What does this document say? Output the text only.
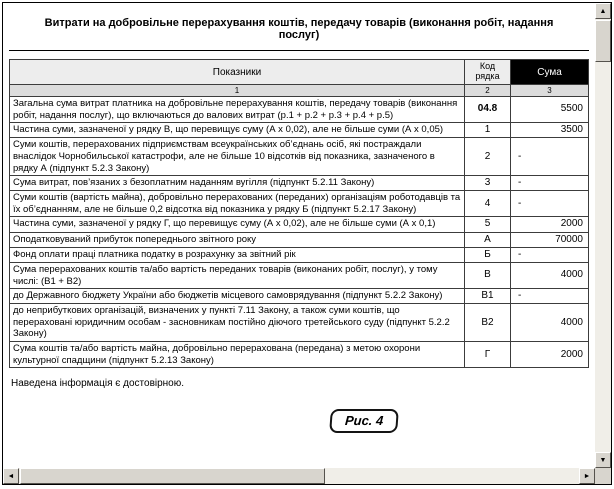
Витрати на добровільне перерахування коштів, передачу товарів (виконання робіт, надання послуг)
Показники	Код рядка	Сума
1	2	3
Загальна сума витрат платника на добровільне перерахування коштів, передачу товарів (виконання робіт, надання послуг), що включаються до валових витрат (р.1 + р.2 + р.3 + р.4 + р.5)	04.8	5500
Частина суми, зазначеної у рядку В, що перевищує суму (А х 0,02), але не більше суми (А х 0,05)	1	3500
Суми коштів, перерахованих підприємствам всеукраїнських об’єднань осіб, які постраждали внаслідок Чорнобильської катастрофи, але не більше 10 відсотків від показника, зазначеного в рядку А (підпункт 5.2.3 Закону)	2	-
Сума витрат, пов’язаних з безоплатним наданням вугілля (підпункт 5.2.11 Закону)	3	-
Суми коштів (вартість майна), добровільно перерахованих (переданих) організаціям роботодавців та їх об’єднанням, але не більше 0,2 відсотка від показника у рядку Б (підпункт 5.2.17 Закону)	4	-
Частина суми, зазначеної у рядку Г, що перевищує суму (А х 0,02), але не більше суми (А х 0,1)	5	2000
Оподатковуваний прибуток попереднього звітного року	А	70000
Фонд оплати праці платника податку в розрахунку за звітний рік	Б	-
Сума перерахованих коштів та/або вартість переданих товарів (виконаних робіт, послуг), у тому числі: (В1 + В2)	В	4000
до Державного бюджету України або бюджетів місцевого самоврядування (підпункт 5.2.2 Закону)	В1	-
до неприбуткових організацій, визначених у пункті 7.11 Закону, а також суми коштів, що перераховані юридичним особам - засновникам постійно діючого третейського суду (підпункт 5.2.2 Закону)	В2	4000
Сума коштів та/або вартість майна, добровільно перерахована (передана) з метою охорони культурної спадщини (підпункт 5.2.13 Закону)	Г	2000
Наведена інформація є достовірною.
Рис. 4
▲
▼
◄	►
